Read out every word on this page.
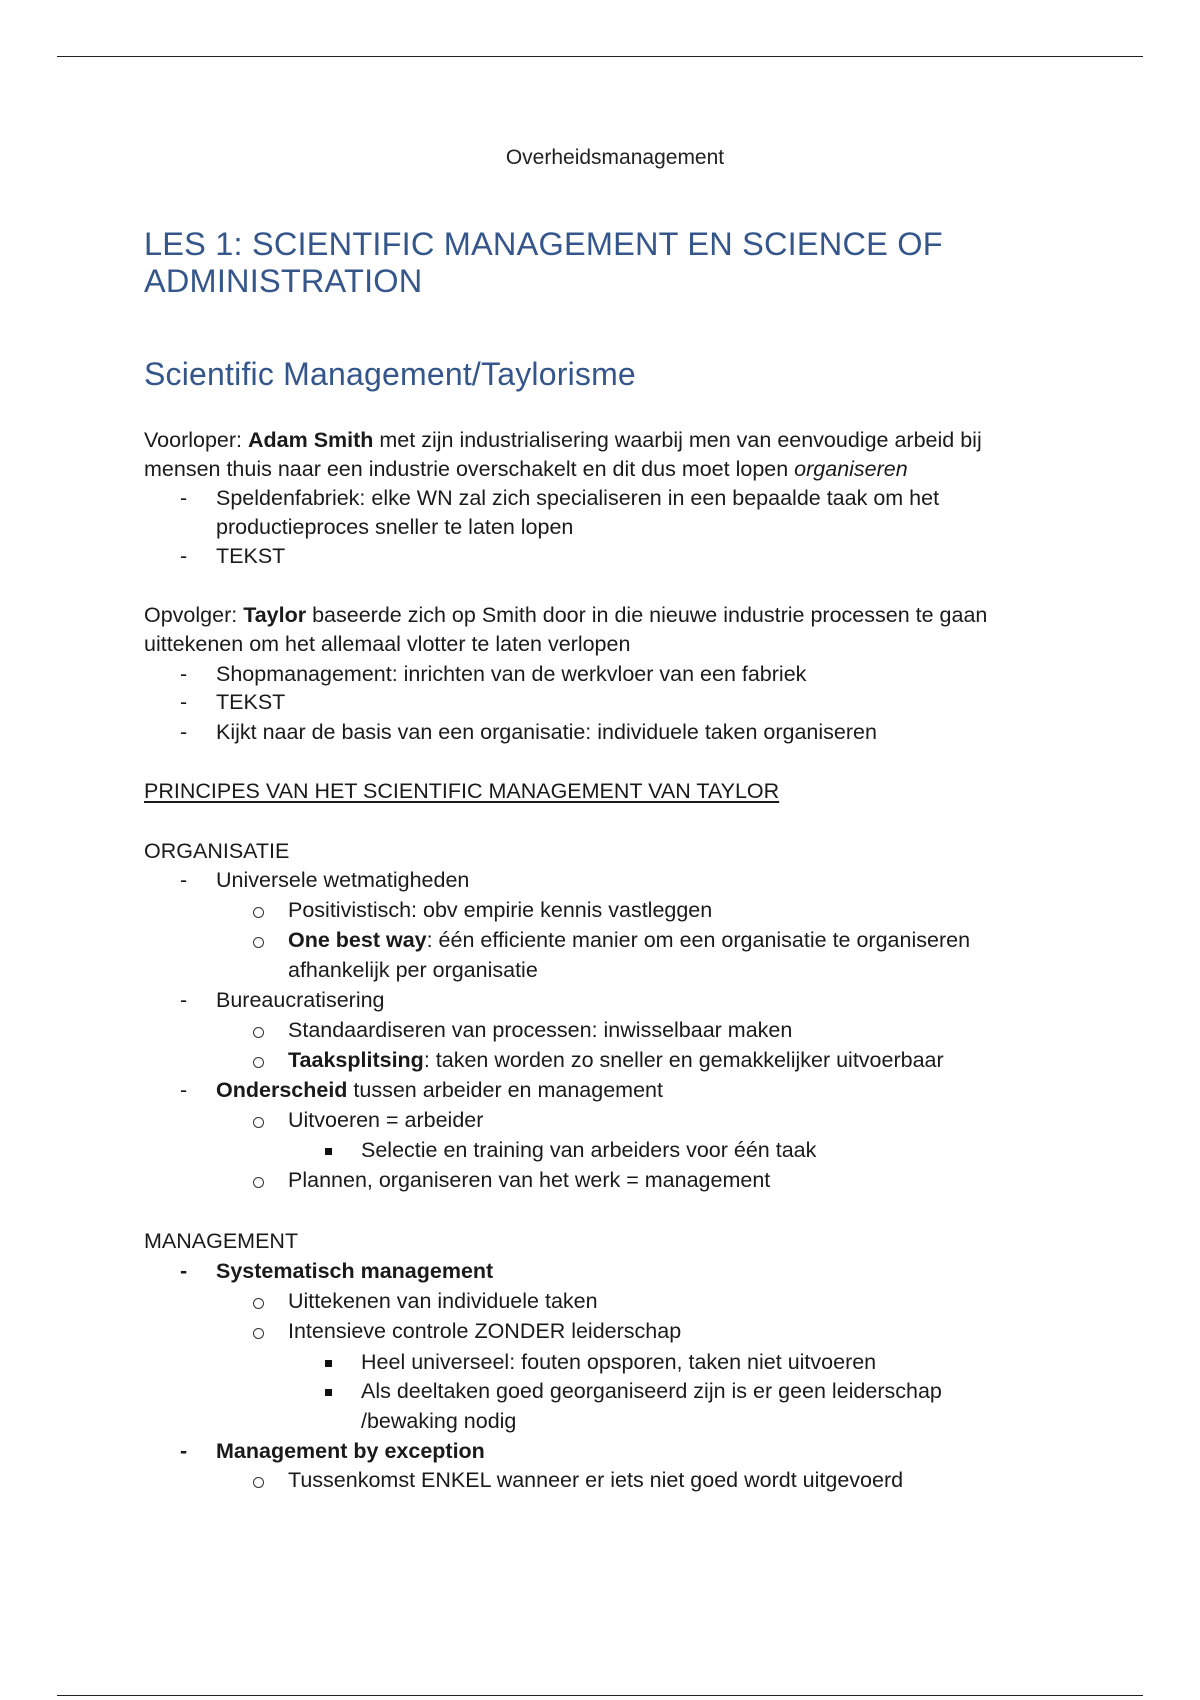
Overheidsmanagement
LES 1: SCIENTIFIC MANAGEMENT EN SCIENCE OF ADMINISTRATION
Scientific Management/Taylorisme
Voorloper: Adam Smith met zijn industrialisering waarbij men van eenvoudige arbeid bij
mensen thuis naar een industrie overschakelt en dit dus moet lopen organiseren
- Speldenfabriek: elke WN zal zich specialiseren in een bepaalde taak om het
productieproces sneller te laten lopen
- TEKST
Opvolger: Taylor baseerde zich op Smith door in die nieuwe industrie processen te gaan
uittekenen om het allemaal vlotter te laten verlopen
- Shopmanagement: inrichten van de werkvloer van een fabriek
- TEKST
- Kijkt naar de basis van een organisatie: individuele taken organiseren
PRINCIPES VAN HET SCIENTIFIC MANAGEMENT VAN TAYLOR
ORGANISATIE
- Universele wetmatigheden
Positivistisch: obv empirie kennis vastleggen
One best way: één efficiente manier om een organisatie te organiseren
afhankelijk per organisatie
- Bureaucratisering
Standaardiseren van processen: inwisselbaar maken
Taaksplitsing: taken worden zo sneller en gemakkelijker uitvoerbaar
- Onderscheid tussen arbeider en management
Uitvoeren = arbeider
Selectie en training van arbeiders voor één taak
Plannen, organiseren van het werk = management
MANAGEMENT
- Systematisch management
Uittekenen van individuele taken
Intensieve controle ZONDER leiderschap
Heel universeel: fouten opsporen, taken niet uitvoeren
Als deeltaken goed georganiseerd zijn is er geen leiderschap
/bewaking nodig
- Management by exception
Tussenkomst ENKEL wanneer er iets niet goed wordt uitgevoerd
